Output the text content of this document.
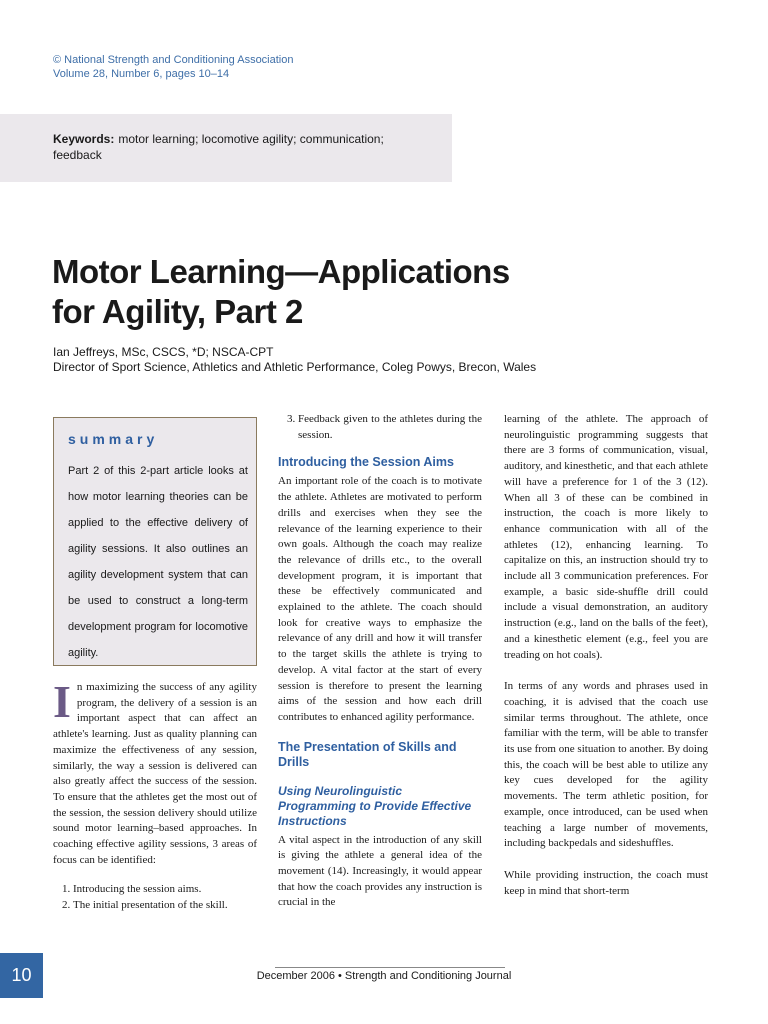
© National Strength and Conditioning Association
Volume 28, Number 6, pages 10–14
Keywords: motor learning; locomotive agility; communication;
feedback
Motor Learning—Applications
for Agility, Part 2
Ian Jeffreys, MSc, CSCS, *D; NSCA-CPT
Director of Sport Science, Athletics and Athletic Performance, Coleg Powys, Brecon, Wales
summary
Part 2 of this 2-part article looks at how motor learning theories can be applied to the effective delivery of agility sessions. It also outlines an agility development system that can be used to construct a long-term development program for locomotive agility.

In maximizing the success of any agility program, the delivery of a session is an important aspect that can affect an athlete's learning. Just as quality planning can maximize the effectiveness of any session, similarly, the way a session is delivered can also greatly affect the success of the session. To ensure that the athletes get the most out of the session, the session delivery should utilize sound motor learning–based approaches. In coaching effective agility sessions, 3 areas of focus can be identified:

1. Introducing the session aims.
2. The initial presentation of the skill.
3. Feedback given to the athletes during the session.
Introducing the Session Aims

An important role of the coach is to motivate the athlete. Athletes are motivated to perform drills and exercises when they see the relevance of the learning experience to their own goals. Although the coach may realize the relevance of drills etc., to the overall development program, it is important that these be effectively communicated and explained to the athlete. The coach should look for creative ways to emphasize the relevance of any drill and how it will transfer to the target skills the athlete is trying to develop. A vital factor at the start of every session is therefore to present the learning aims of the session and how each drill contributes to enhanced agility performance.

The Presentation of Skills and Drills
Using Neurolinguistic Programming to Provide Effective Instructions

A vital aspect in the introduction of any skill is giving the athlete a general idea of the movement (14). Increasingly, it would appear that how the coach provides any instruction is crucial in the

learning of the athlete. The approach of neurolinguistic programming suggests that there are 3 forms of communication, visual, auditory, and kinesthetic, and that each athlete will have a preference for 1 of the 3 (12). When all 3 of these can be combined in instruction, the coach is more likely to enhance communication with all of the athletes (12), enhancing learning. To capitalize on this, an instruction should try to include all 3 communication preferences. For example, a basic side-shuffle drill could include a visual demonstration, an auditory instruction (e.g., land on the balls of the feet), and a kinesthetic element (e.g., feel you are treading on hot coals).

In terms of any words and phrases used in coaching, it is advised that the coach use similar terms throughout. The athlete, once familiar with the term, will be able to transfer its use from one situation to another. By doing this, the coach will be best able to utilize any key cues developed for the agility movements. The term athletic position, for example, once introduced, can be used when teaching a large number of movements, including backpedals and sideshuffles.

While providing instruction, the coach must keep in mind that short-term

10	December 2006 • Strength and Conditioning Journal
